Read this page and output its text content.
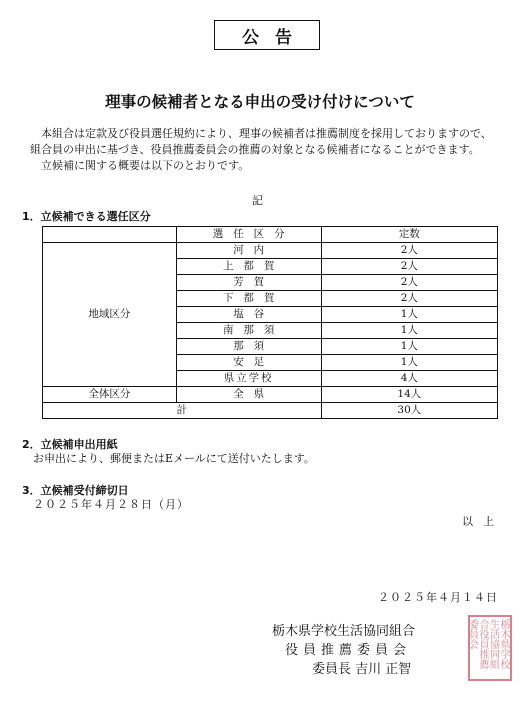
公告
理事の候補者となる申出の受け付けについて
本組合は定款及び役員選任規約により、理事の候補者は推薦制度を採用しておりますので、
組合員の申出に基づき、役員推薦委員会の推薦の対象となる候補者になることができます。
立候補に関する概要は以下のとおりです。
記
1．立候補できる選任区分
	選任区分	定数
地域区分	河内	2人
	上都賀	2人
	芳賀	2人
	下都賀	2人
	塩谷	1人
	南那須	1人
	那須	1人
	安足	1人
	県立学校	4人
全体区分	全県	14人
計		30人
2．立候補申出用紙
お申出により、郵便またはEメールにて送付いたします。
3．立候補受付締切日
２０２５年４月２８日（月）
以上
２０２５年４月１４日
栃木県学校生活協同組合
役員推薦委員会
委員長 吉川 正智
栃木県学校生活協同組合役員推薦委員会
